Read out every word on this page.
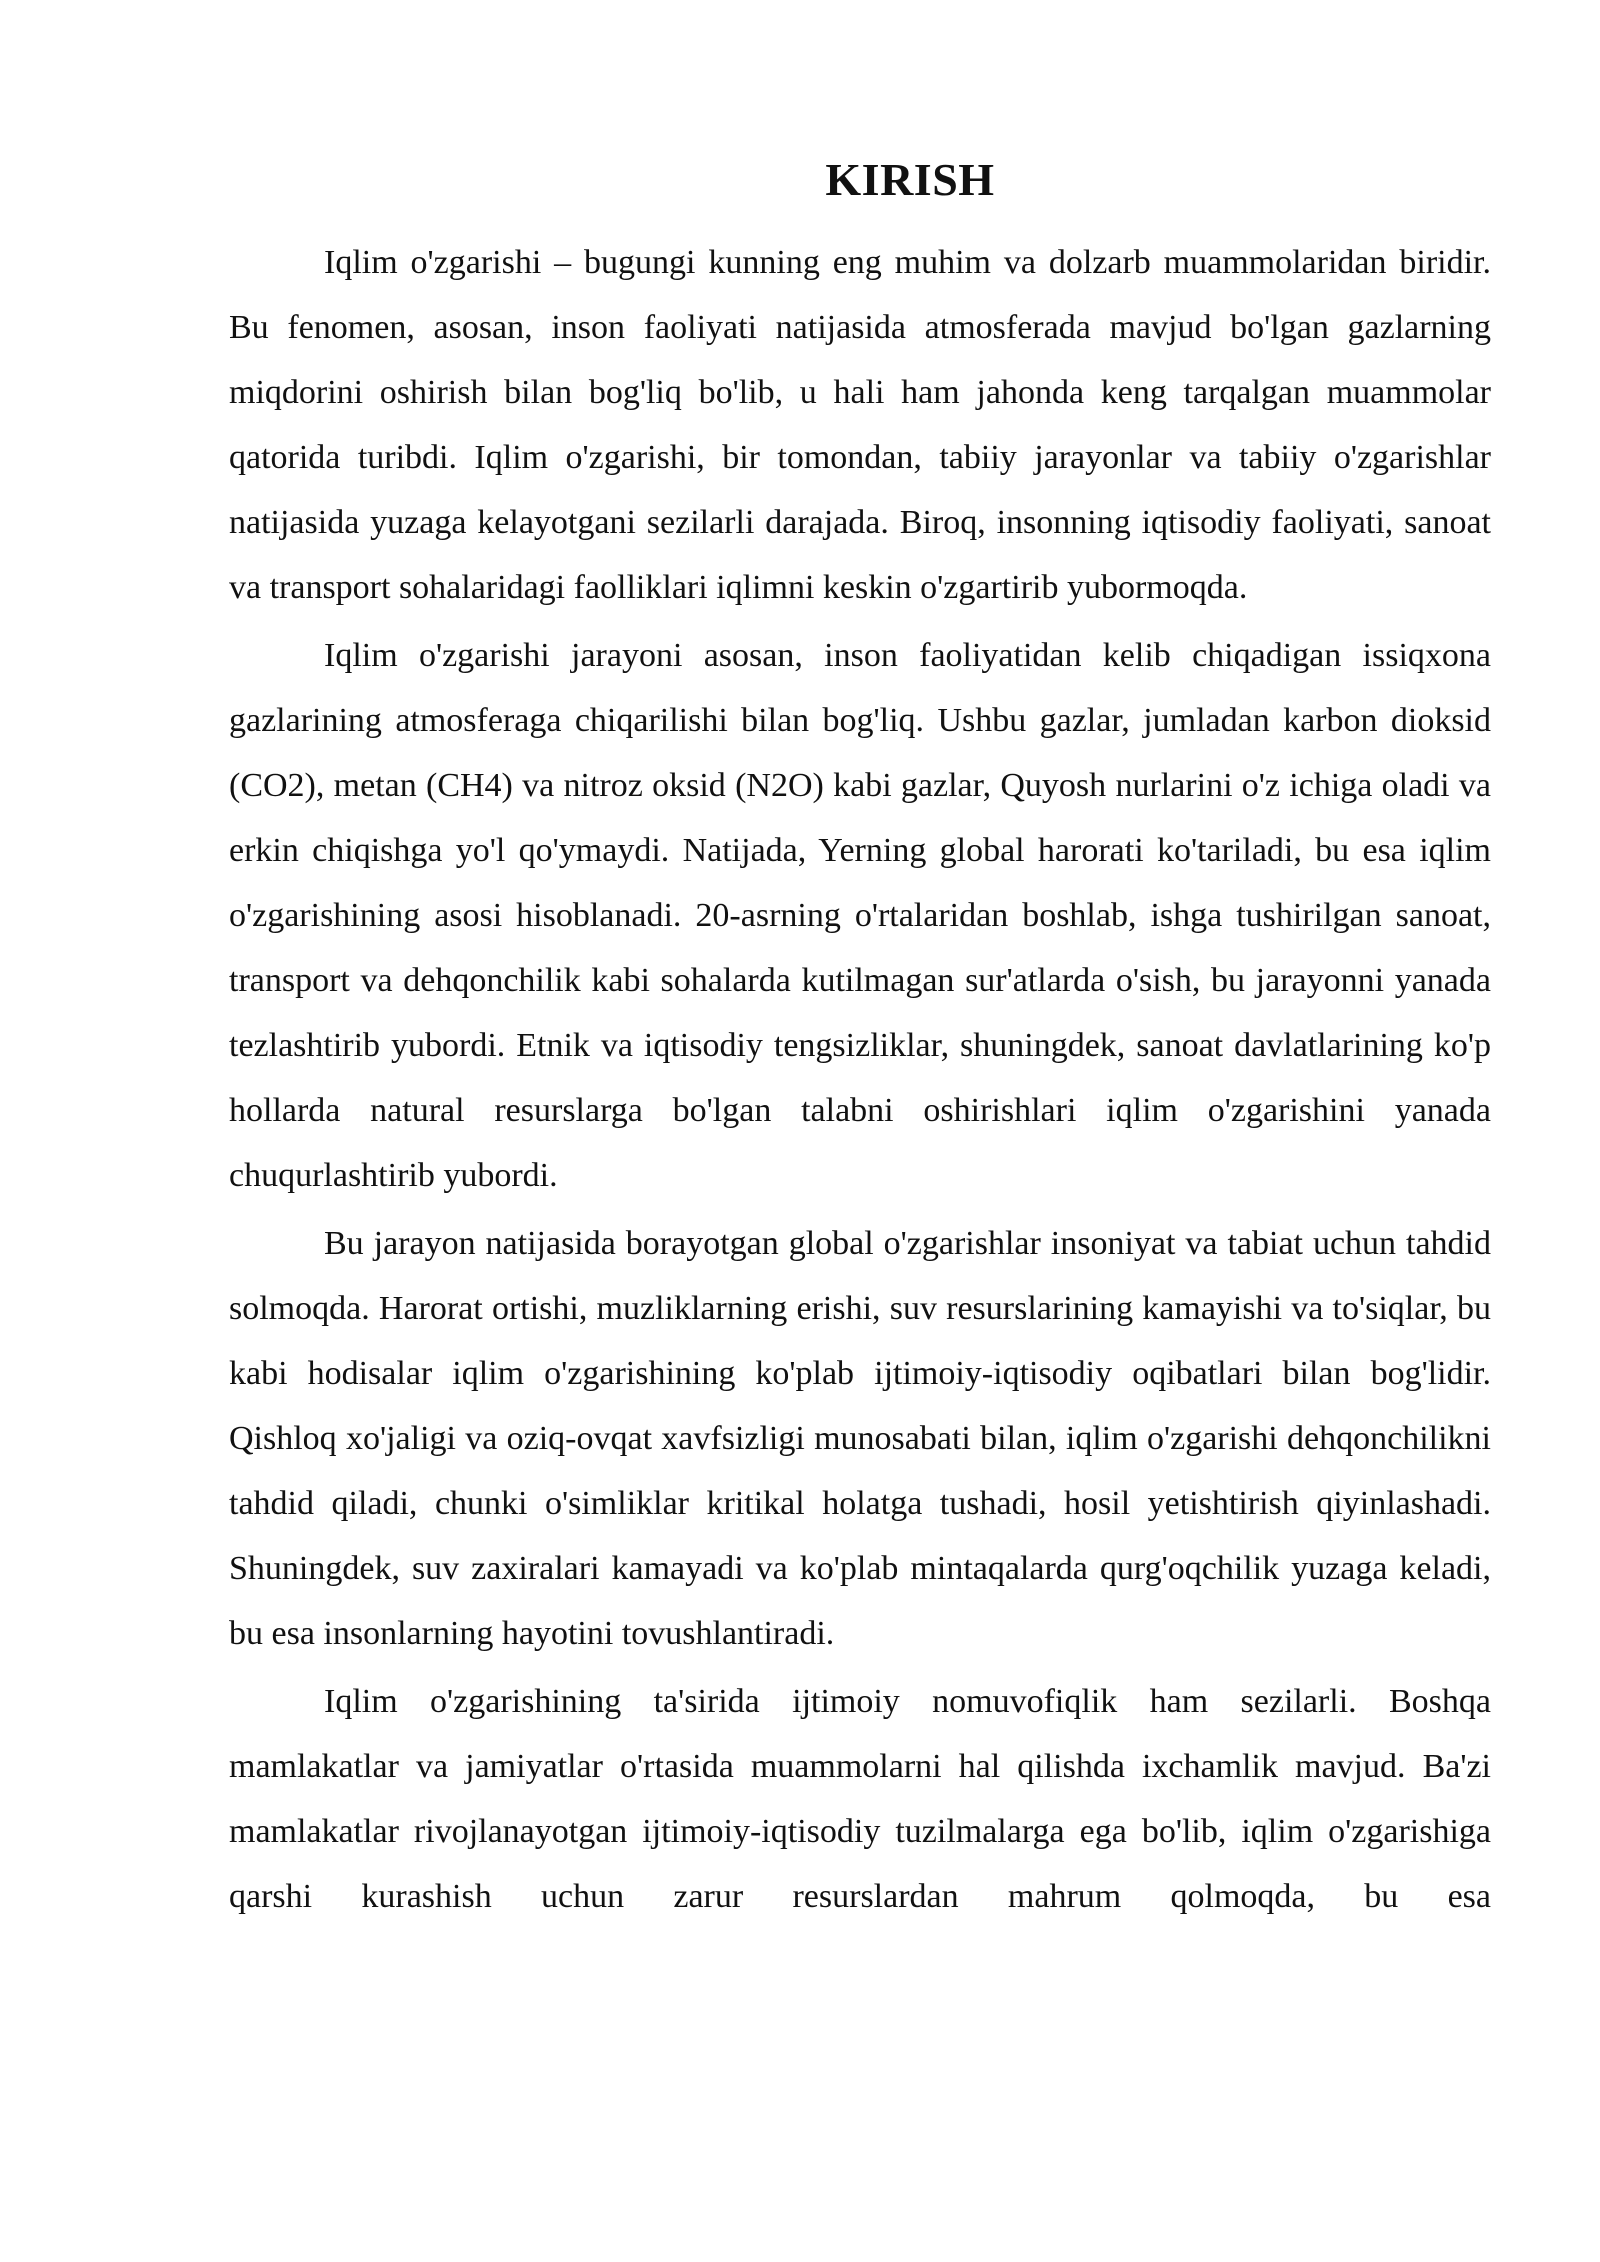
KIRISH

Iqlim o'zgarishi – bugungi kunning eng muhim va dolzarb muammolaridan biridir. Bu fenomen, asosan, inson faoliyati natijasida atmosferada mavjud bo'lgan gazlarning miqdorini oshirish bilan bog'liq bo'lib, u hali ham jahonda keng tarqalgan muammolar qatorida turibdi. Iqlim o'zgarishi, bir tomondan, tabiiy jarayonlar va tabiiy o'zgarishlar natijasida yuzaga kelayotgani sezilarli darajada. Biroq, insonning iqtisodiy faoliyati, sanoat va transport sohalaridagi faolliklari iqlimni keskin o'zgartirib yubormoqda.

Iqlim o'zgarishi jarayoni asosan, inson faoliyatidan kelib chiqadigan issiqxona gazlarining atmosferaga chiqarilishi bilan bog'liq. Ushbu gazlar, jumladan karbon dioksid (CO2), metan (CH4) va nitroz oksid (N2O) kabi gazlar, Quyosh nurlarini o'z ichiga oladi va erkin chiqishga yo'l qo'ymaydi. Natijada, Yerning global harorati ko'tariladi, bu esa iqlim o'zgarishining asosi hisoblanadi. 20-asrning o'rtalaridan boshlab, ishga tushirilgan sanoat, transport va dehqonchilik kabi sohalarda kutilmagan sur'atlarda o'sish, bu jarayonni yanada tezlashtirib yubordi. Etnik va iqtisodiy tengsizliklar, shuningdek, sanoat davlatlarining ko'p hollarda natural resurslarga bo'lgan talabni oshirishlari iqlim o'zgarishini yanada chuqurlashtirib yubordi.

Bu jarayon natijasida borayotgan global o'zgarishlar insoniyat va tabiat uchun tahdid solmoqda. Harorat ortishi, muzliklarning erishi, suv resurslarining kamayishi va to'siqlar, bu kabi hodisalar iqlim o'zgarishining ko'plab ijtimoiy-iqtisodiy oqibatlari bilan bog'lidir. Qishloq xo'jaligi va oziq-ovqat xavfsizligi munosabati bilan, iqlim o'zgarishi dehqonchilikni tahdid qiladi, chunki o'simliklar kritikal holatga tushadi, hosil yetishtirish qiyinlashadi. Shuningdek, suv zaxiralari kamayadi va ko'plab mintaqalarda qurg'oqchilik yuzaga keladi, bu esa insonlarning hayotini tovushlantiradi.

Iqlim o'zgarishining ta'sirida ijtimoiy nomuvofiqlik ham sezilarli. Boshqa mamlakatlar va jamiyatlar o'rtasida muammolarni hal qilishda ixchamlik mavjud. Ba'zi mamlakatlar rivojlanayotgan ijtimoiy-iqtisodiy tuzilmalarga ega bo'lib, iqlim o'zgarishiga qarshi kurashish uchun zarur resurslardan mahrum qolmoqda, bu esa
